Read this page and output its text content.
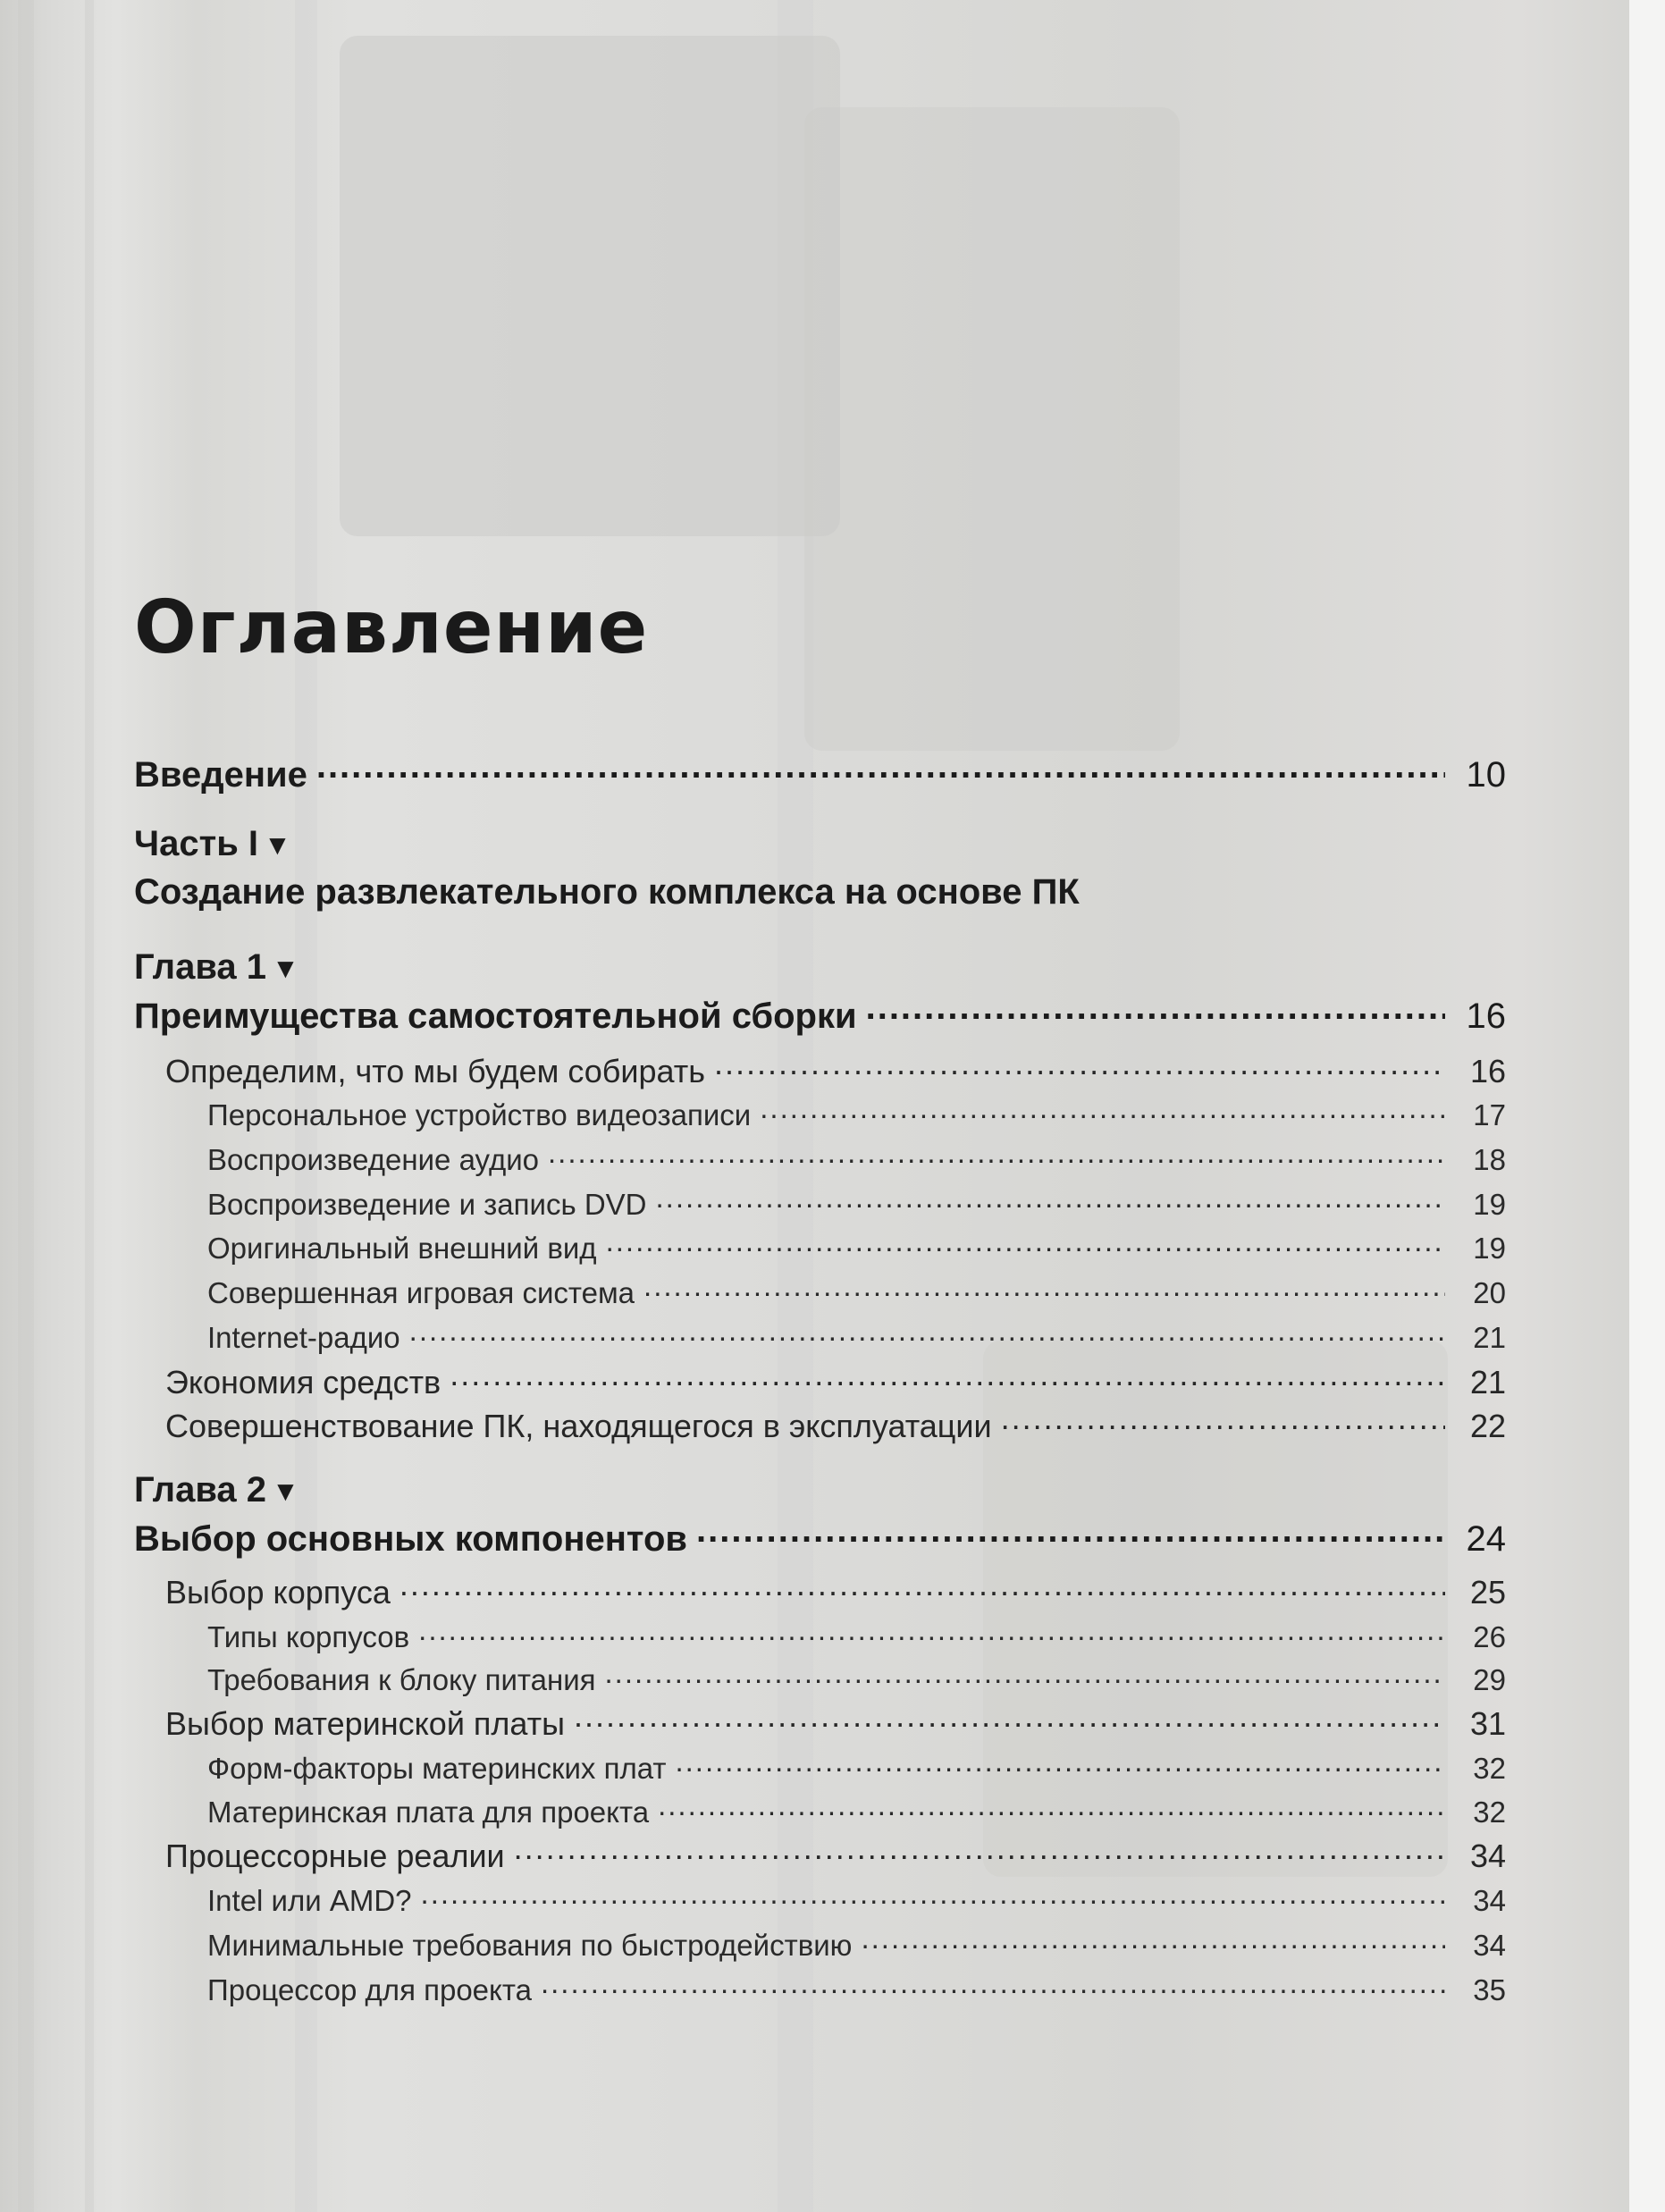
Оглавление
Введение .....	10
Часть I ▼
Создание развлекательного комплекса на основе ПК
Глава 1 ▼
Преимущества самостоятельной сборки .....	16
Определим, что мы будем собирать .....	16
Персональное устройство видеозаписи .....	17
Воспроизведение аудио .....	18
Воспроизведение и запись DVD .....	19
Оригинальный внешний вид .....	19
Совершенная игровая система .....	20
Internet-радио .....	21
Экономия средств .....	21
Совершенствование ПК, находящегося в эксплуатации .....	22
Глава 2 ▼
Выбор основных компонентов .....	24
Выбор корпуса .....	25
Типы корпусов .....	26
Требования к блоку питания .....	29
Выбор материнской платы .....	31
Форм-факторы материнских плат .....	32
Материнская плата для проекта .....	32
Процессорные реалии .....	34
Intel или AMD? .....	34
Минимальные требования по быстродействию .....	34
Процессор для проекта .....	35
